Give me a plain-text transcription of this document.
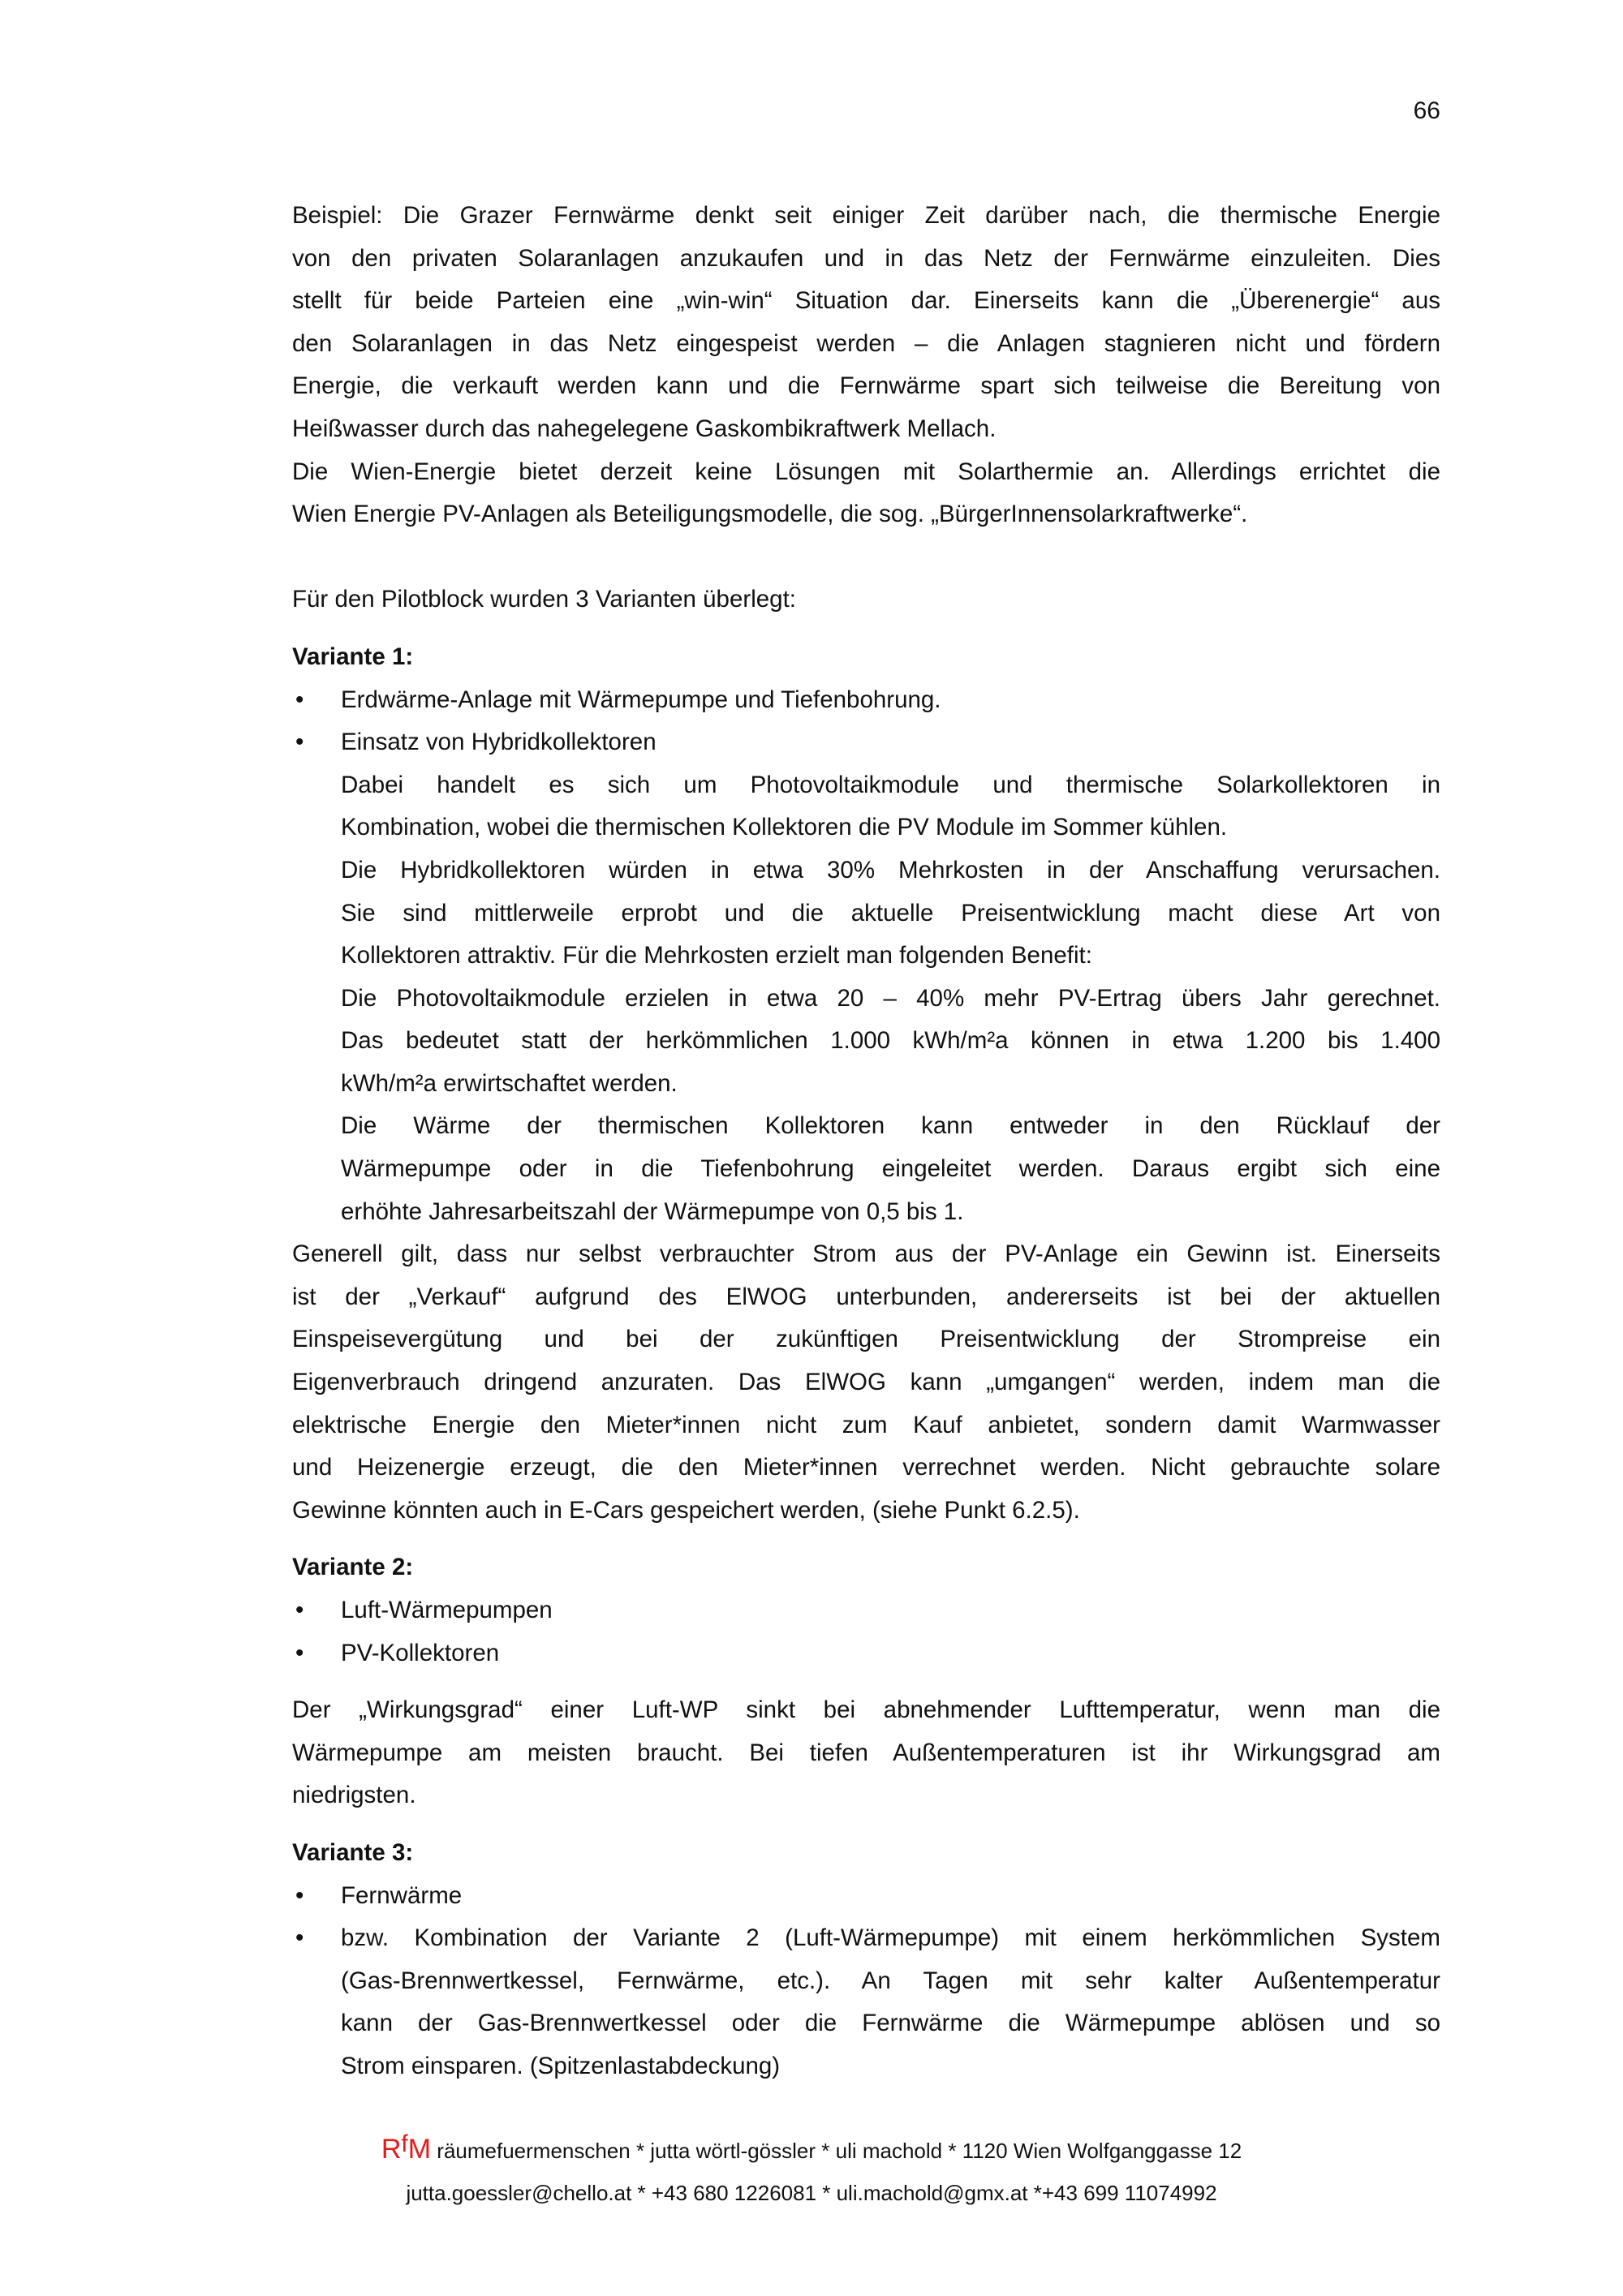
66
Beispiel: Die Grazer Fernwärme denkt seit einiger Zeit darüber nach, die thermische Energie
von den privaten Solaranlagen anzukaufen und in das Netz der Fernwärme einzuleiten. Dies
stellt für beide Parteien eine „win-win“ Situation dar. Einerseits kann die „Überenergie“ aus
den Solaranlagen in das Netz eingespeist werden – die Anlagen stagnieren nicht und fördern
Energie, die verkauft werden kann und die Fernwärme spart sich teilweise die Bereitung von
Heißwasser durch das nahegelegene Gaskombikraftwerk Mellach.
Die Wien-Energie bietet derzeit keine Lösungen mit Solarthermie an. Allerdings errichtet die
Wien Energie PV-Anlagen als Beteiligungsmodelle, die sog. „BürgerInnensolarkraftwerke“.
Für den Pilotblock wurden 3 Varianten überlegt:
Variante 1:
• Erdwärme-Anlage mit Wärmepumpe und Tiefenbohrung.
• Einsatz von Hybridkollektoren
Dabei handelt es sich um Photovoltaikmodule und thermische Solarkollektoren in
Kombination, wobei die thermischen Kollektoren die PV Module im Sommer kühlen.
Die Hybridkollektoren würden in etwa 30% Mehrkosten in der Anschaffung verursachen.
Sie sind mittlerweile erprobt und die aktuelle Preisentwicklung macht diese Art von
Kollektoren attraktiv. Für die Mehrkosten erzielt man folgenden Benefit:
Die Photovoltaikmodule erzielen in etwa 20 – 40% mehr PV-Ertrag übers Jahr gerechnet.
Das bedeutet statt der herkömmlichen 1.000 kWh/m²a können in etwa 1.200 bis 1.400
kWh/m²a erwirtschaftet werden.
Die Wärme der thermischen Kollektoren kann entweder in den Rücklauf der
Wärmepumpe oder in die Tiefenbohrung eingeleitet werden. Daraus ergibt sich eine
erhöhte Jahresarbeitszahl der Wärmepumpe von 0,5 bis 1.
Generell gilt, dass nur selbst verbrauchter Strom aus der PV-Anlage ein Gewinn ist. Einerseits
ist der „Verkauf“ aufgrund des ElWOG unterbunden, andererseits ist bei der aktuellen
Einspeisevergütung und bei der zukünftigen Preisentwicklung der Strompreise ein
Eigenverbrauch dringend anzuraten. Das ElWOG kann „umgangen“ werden, indem man die
elektrische Energie den Mieter*innen nicht zum Kauf anbietet, sondern damit Warmwasser
und Heizenergie erzeugt, die den Mieter*innen verrechnet werden. Nicht gebrauchte solare
Gewinne könnten auch in E-Cars gespeichert werden, (siehe Punkt 6.2.5).
Variante 2:
• Luft-Wärmepumpen
• PV-Kollektoren
Der „Wirkungsgrad“ einer Luft-WP sinkt bei abnehmender Lufttemperatur, wenn man die
Wärmepumpe am meisten braucht. Bei tiefen Außentemperaturen ist ihr Wirkungsgrad am
niedrigsten.
Variante 3:
• Fernwärme
• bzw. Kombination der Variante 2 (Luft-Wärmepumpe) mit einem herkömmlichen System
(Gas-Brennwertkessel, Fernwärme, etc.). An Tagen mit sehr kalter Außentemperatur
kann der Gas-Brennwertkessel oder die Fernwärme die Wärmepumpe ablösen und so
Strom einsparen. (Spitzenlastabdeckung)
RfM räumefuermenschen * jutta wörtl-gössler * uli machold * 1120 Wien Wolfganggasse 12
jutta.goessler@chello.at * +43 680 1226081 * uli.machold@gmx.at *+43 699 11074992
